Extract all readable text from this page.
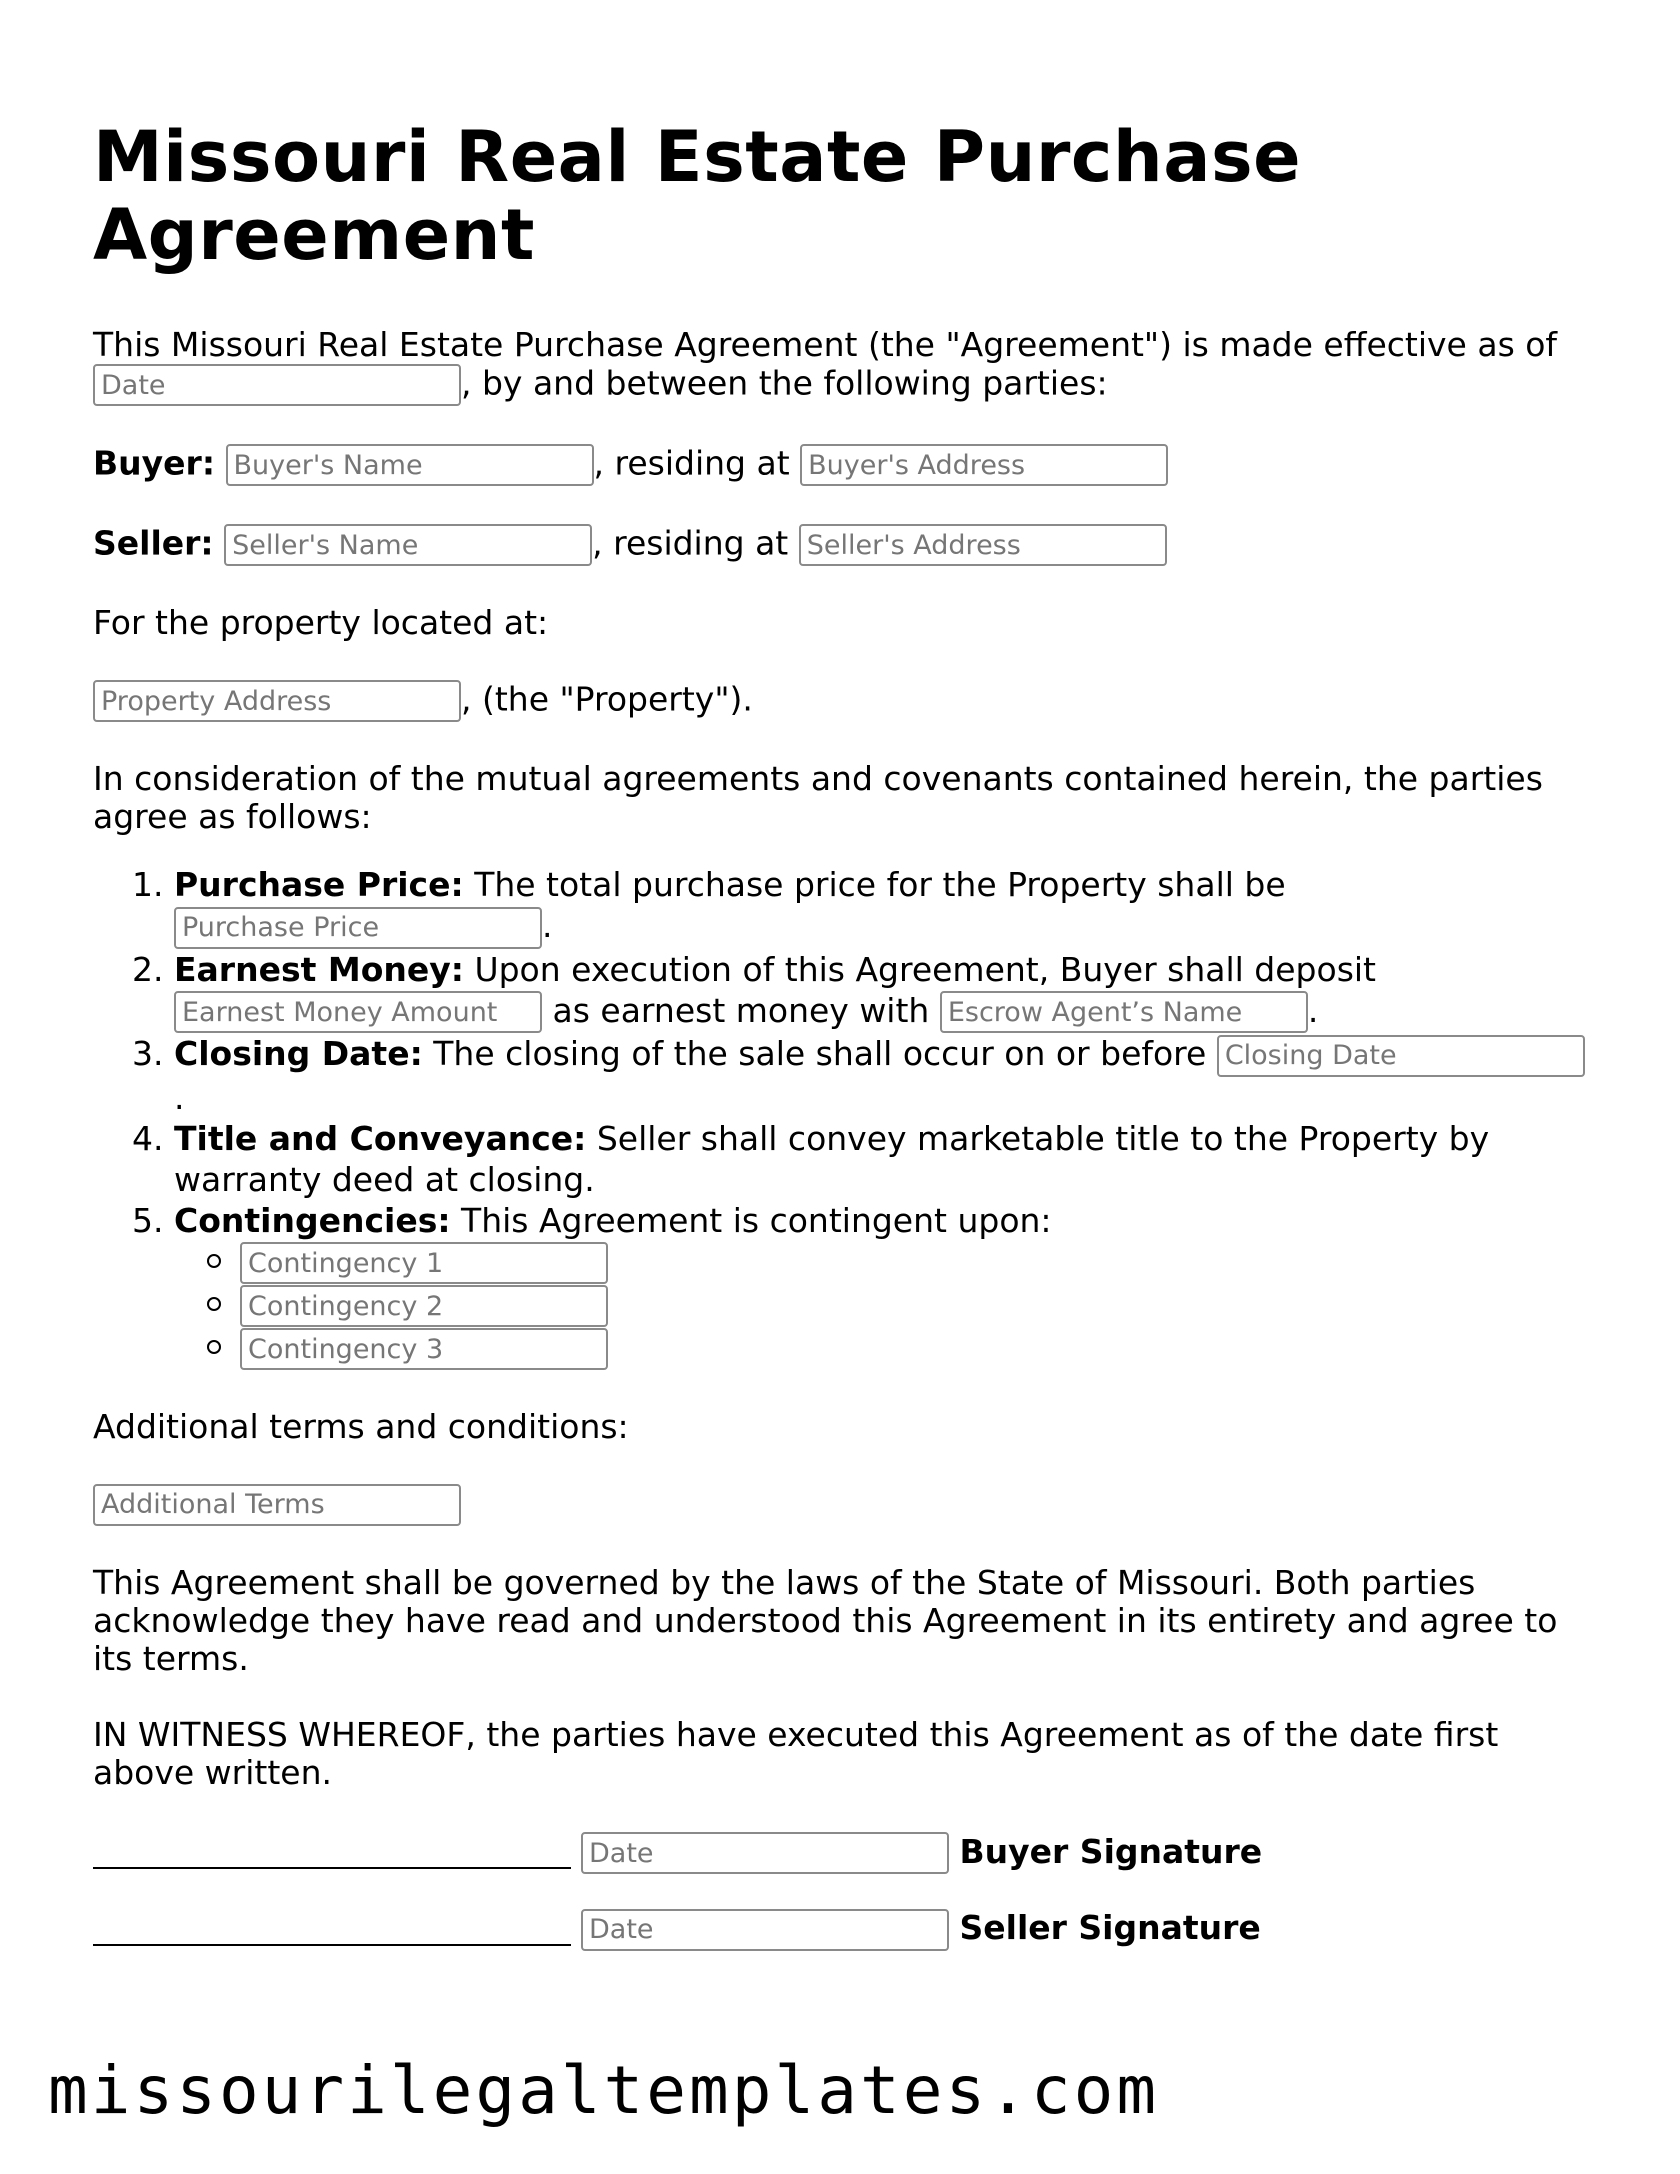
Missouri Real Estate Purchase Agreement

This Missouri Real Estate Purchase Agreement (the "Agreement") is made effective as of
Date, by and between the following parties:

Buyer: Buyer's Name	, residing at Buyer's Address

Seller: Seller's Name	, residing at Seller's Address

For the property located at:

Property Address, (the "Property").

In consideration of the mutual agreements and covenants contained herein, the parties agree as follows:

1. Purchase Price: The total purchase price for the Property shall be
Purchase Price.
2. Earnest Money: Upon execution of this Agreement, Buyer shall deposit
Earnest Money Amount as earnest money with Escrow Agent’s Name	.
3. Closing Date: The closing of the sale shall occur on or before Closing Date
.
4. Title and Conveyance: Seller shall convey marketable title to the Property by warranty deed at closing.
5. Contingencies: This Agreement is contingent upon:
Contingency 1
Contingency 2
Contingency 3

Additional terms and conditions:

Additional Terms

This Agreement shall be governed by the laws of the State of Missouri. Both parties acknowledge they have read and understood this Agreement in its entirety and agree to its terms.

IN WITNESS WHEREOF, the parties have executed this Agreement as of the date first above written.

Date Buyer Signature
Date Seller Signature
missourilegaltemplates.com
